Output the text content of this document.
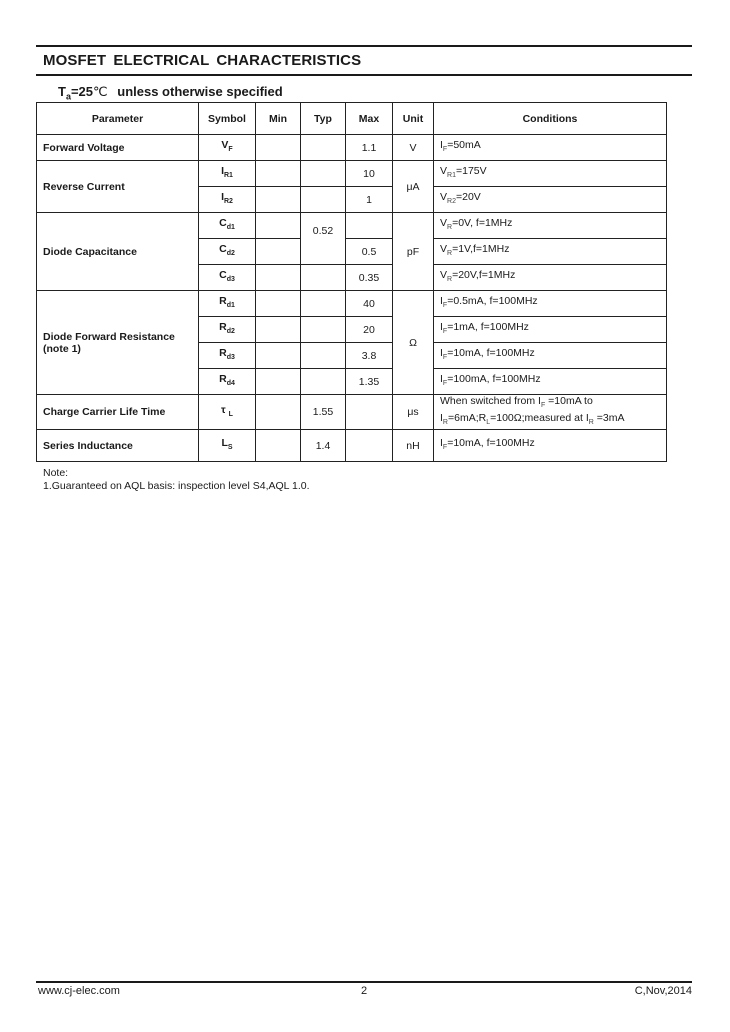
MOSFET ELECTRICAL CHARACTERISTICS
$T_a=25℃$ unless otherwise specified
Parameter	Symbol	Min	Typ	Max	Unit	Conditions
Forward Voltage	$V_F$			1.1	V	$I_F=50mA$
Reverse Current	$I_{R1}$			10	μA	$V_{R1}=175V$
	$I_{R2}$			1		$V_{R2}=20V$
Diode Capacitance	$C_{d1}$		0.52		pF	$V_R=0V$, f=1MHz
	$C_{d2}$			0.5		$V_R=1V,f=1MHz$
	$C_{d3}$			0.35		$V_R=20V,f=1MHz$
Diode Forward Resistance
(note 1)	$R_{d1}$			40	Ω	$I_F=0.5mA$, f=100MHz
	$R_{d2}$			20		$I_F=1mA$, f=100MHz
	$R_{d3}$			3.8		$I_F=10mA$, f=100MHz
	$R_{d4}$			1.35		$I_F=100mA$, f=100MHz
Charge Carrier Life Time	τ $_L$		1.55		μs	When switched from $I_F =10mA$ to
$I_R=6mA;R_L=100\Omega;measured$ at $I_R =3mA$
Series Inductance	$L_S$		1.4		nH	$I_F=10mA$, f=100MHz
Note:
1.Guaranteed on AQL basis: inspection level S4,AQL 1.0.
www.cj-elec.com	2	C,Nov,2014
